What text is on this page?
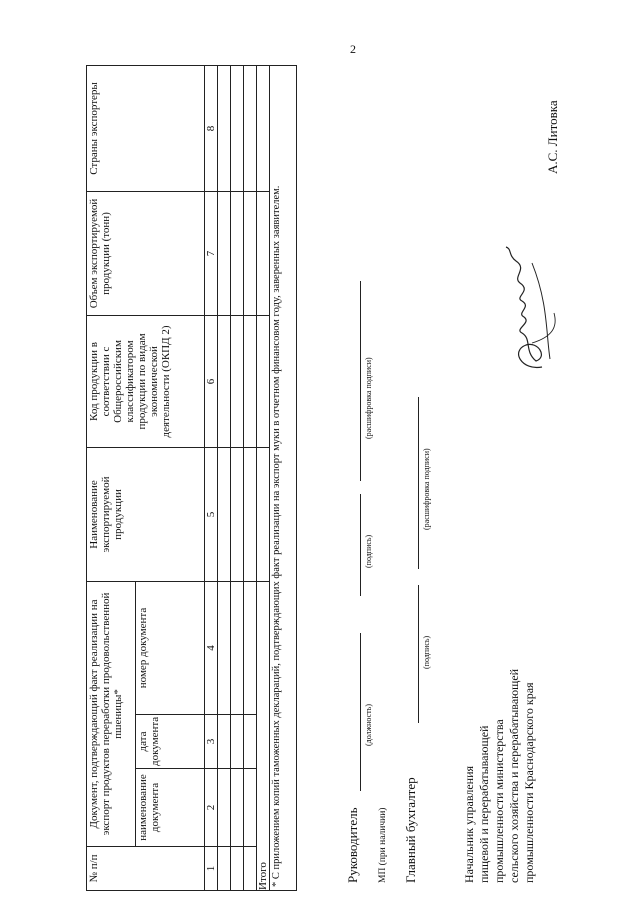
2
№ п/п	Документ, подтверждающий факт реализации на экспорт продуктов переработки продовольственной пшеницы*			Наименование экспортируемой продукции	Код продукции в соответствии с Общероссийским классификатором продукции по видам экономической деятельности (ОКПД 2)	Объем экспортируемой продукции (тонн)	Страны экспортеры
	наименование документа	дата документа	номер документа				
1	2	3	4	5	6	7	8

Итого							
* С приложением копий таможенных деклараций, подтверждающих факт реализации на экспорт муки в отчетном финансовом году, заверенных заявителем.								Руководитель
(должность)
(подпись)
(расшифровка подписи)
МП (при наличии) Главный бухгалтер
(подпись)
(расшифровка подписи)
Начальник управления пищевой и перерабатывающей промышленности министерства сельского хозяйства и перерабатывающей промышленности Краснодарского края
А.С. Литовка
